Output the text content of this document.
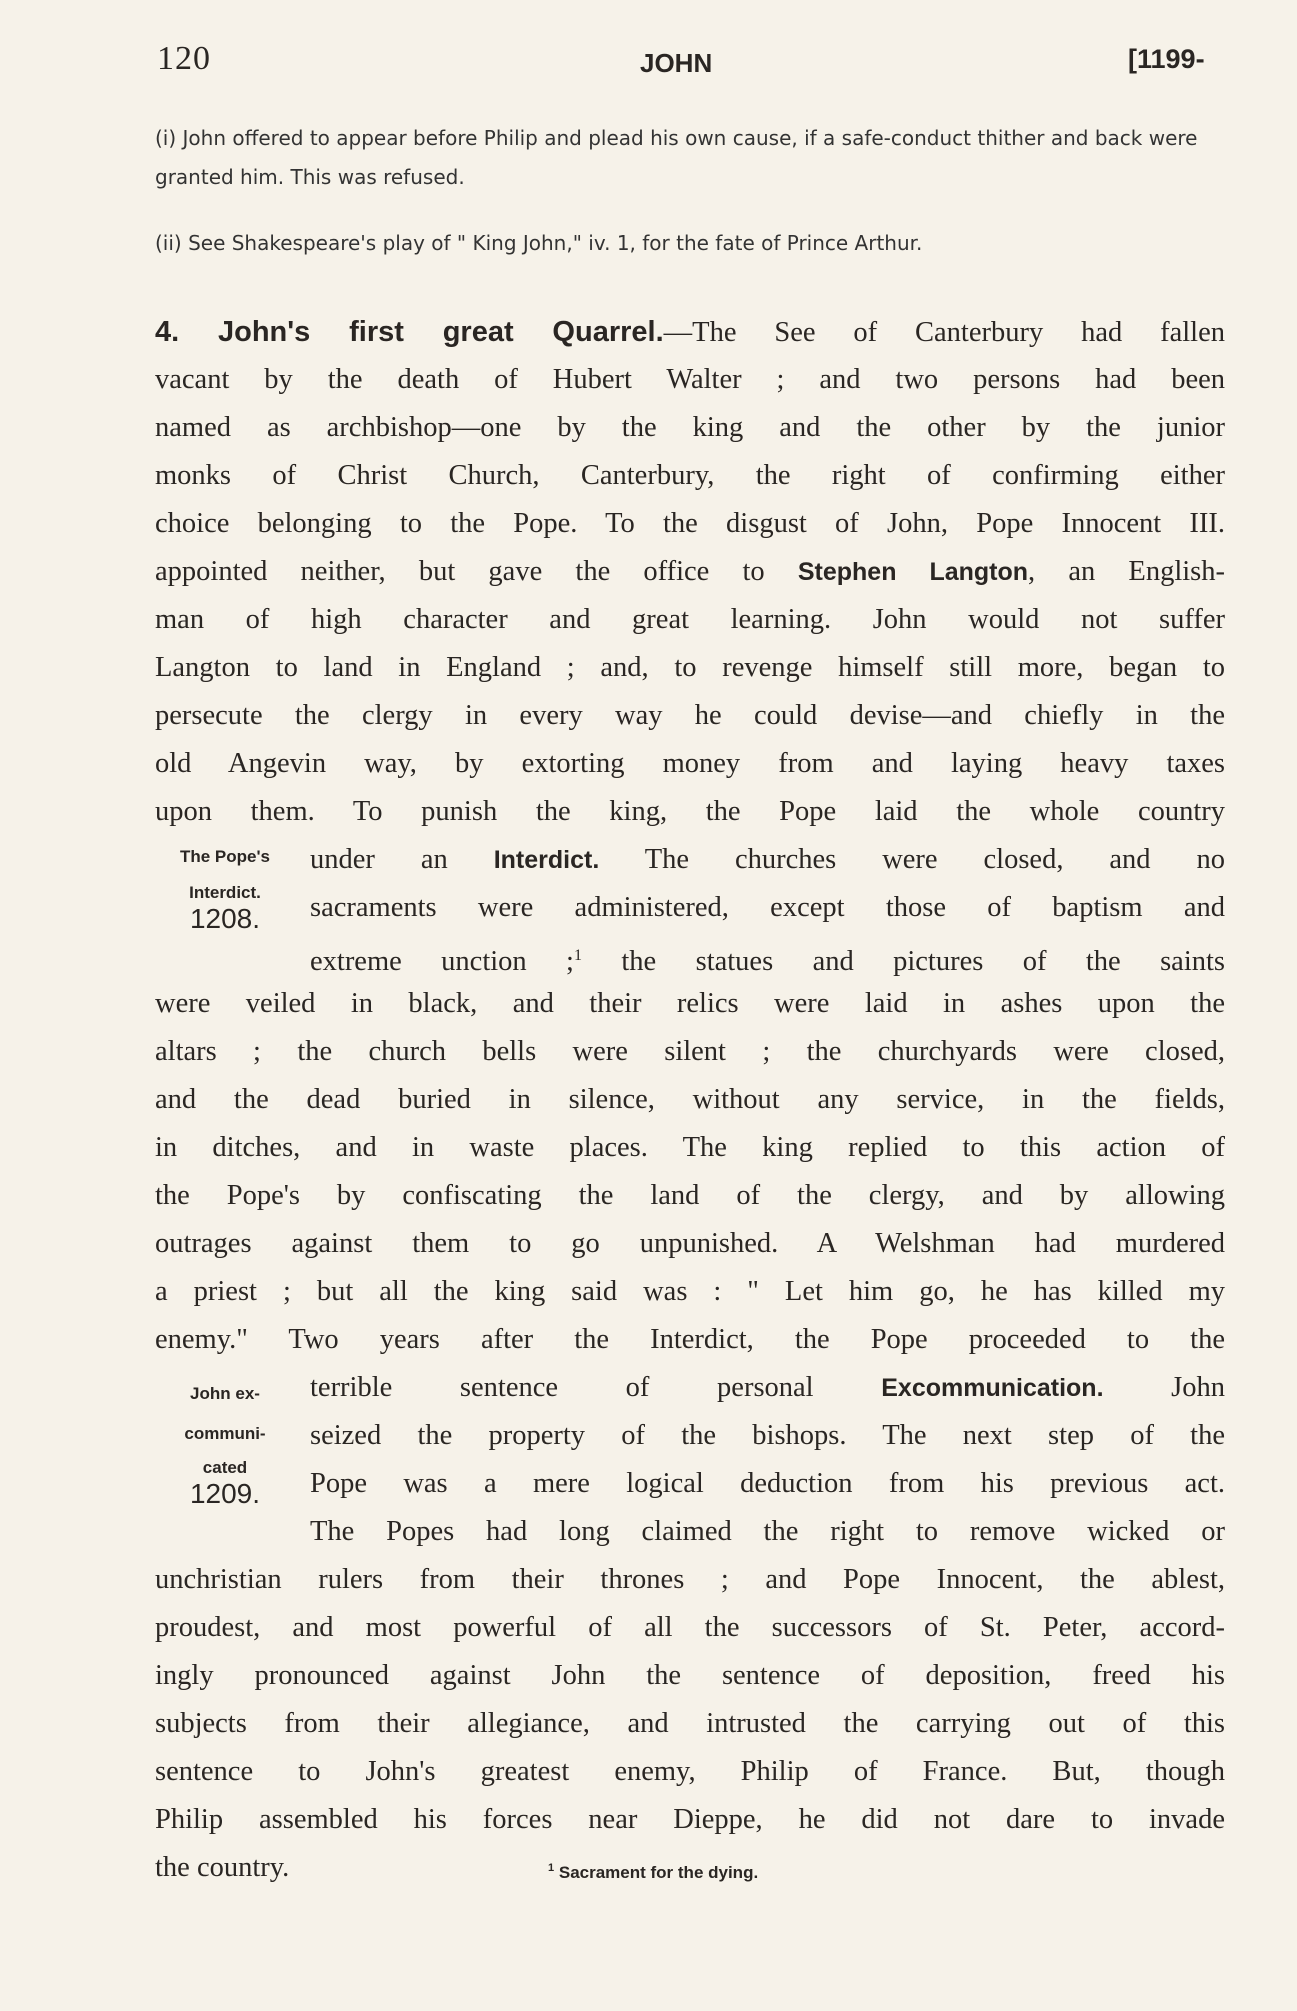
120	JOHN	[1199-

(i) John offered to appear before Philip and plead his own cause, if a safe-conduct thither and back were granted him. This was refused.

(ii) See Shakespeare's play of " King John," iv. 1, for the fate of Prince Arthur.

4. John's first great Quarrel.—The See of Canterbury had fallen
vacant by the death of Hubert Walter ; and two persons had been
named as archbishop—one by the king and the other by the junior
monks of Christ Church, Canterbury, the right of confirming either
choice belonging to the Pope. To the disgust of John, Pope Innocent III.
appointed neither, but gave the office to Stephen Langton, an English-
man of high character and great learning. John would not suffer
Langton to land in England ; and, to revenge himself still more, began to
persecute the clergy in every way he could devise—and chiefly in the
old Angevin way, by extorting money from and laying heavy taxes
upon them. To punish the king, the Pope laid the whole country
under an Interdict. The churches were closed, and no
sacraments were administered, except those of baptism and
extreme unction ;$^1$ the statues and pictures of the saints
were veiled in black, and their relics were laid in ashes upon the
altars ; the church bells were silent ; the churchyards were closed,
and the dead buried in silence, without any service, in the fields,
in ditches, and in waste places. The king replied to this action of
the Pope's by confiscating the land of the clergy, and by allowing
outrages against them to go unpunished. A Welshman had murdered
a priest ; but all the king said was : " Let him go, he has killed my
enemy." Two years after the Interdict, the Pope proceeded to the
terrible sentence of personal	Excommunication. John
seized the property of the bishops. The next step of the
Pope was a mere logical deduction from his previous act.
The Popes had long claimed the right to remove wicked or
unchristian rulers from their thrones ; and Pope Innocent, the ablest,
proudest, and most powerful of all the successors of St. Peter, accord-
ingly pronounced against John the sentence of deposition, freed his
subjects from their allegiance, and intrusted the carrying out of this
sentence to John's greatest enemy, Philip of France. But, though
Philip assembled his forces near Dieppe, he did not dare to invade
the country.
The Pope's
Interdict.
1208.
John ex-
communi-
cated
1209.
$^1$ Sacrament for the dying.
